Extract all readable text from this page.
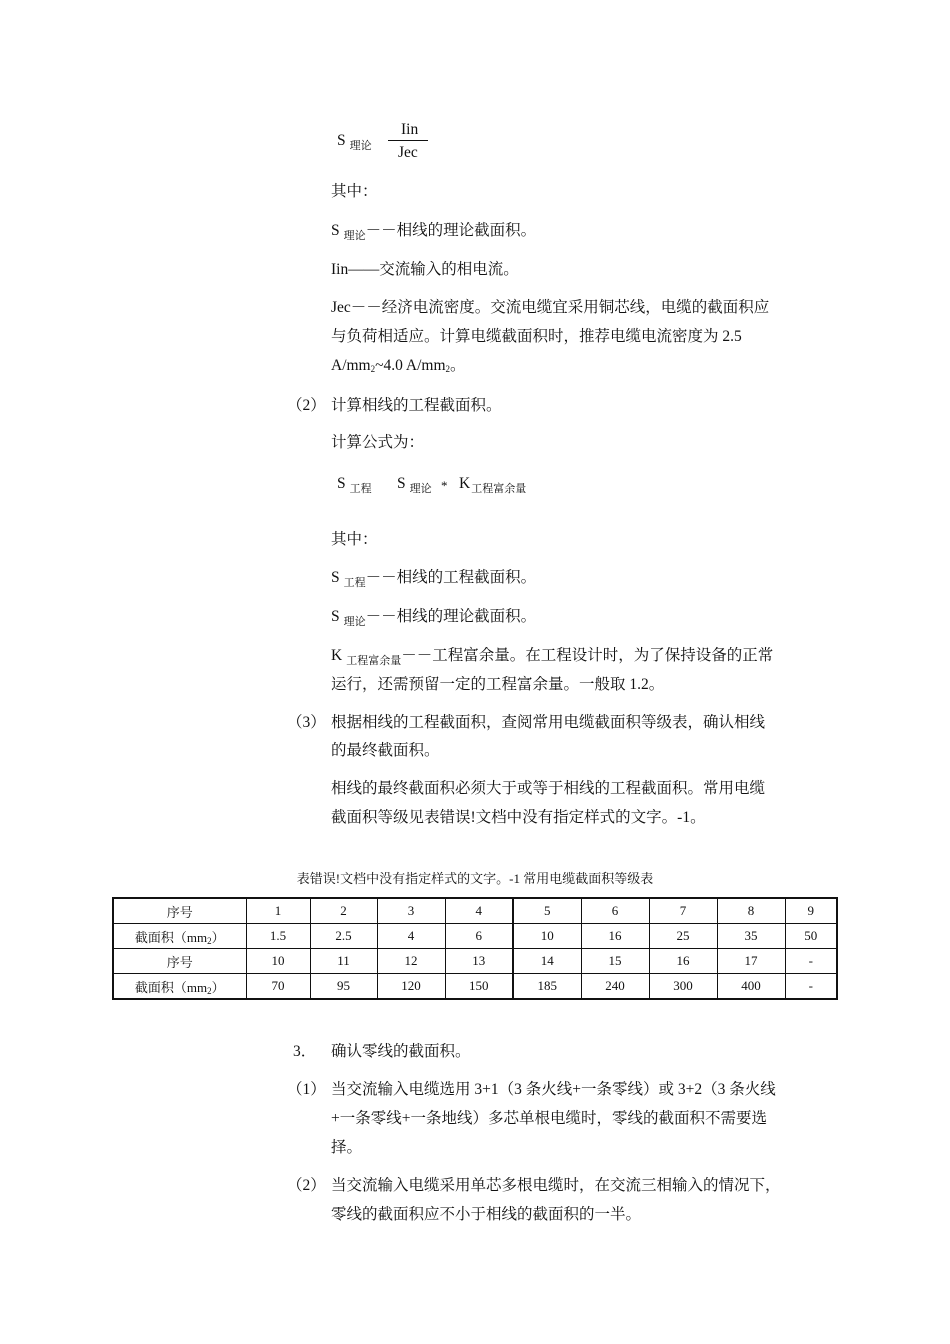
S $_{理论}$
Iin
Jec
其中：
S $_{理论}$－－相线的理论截面积。
Iin——交流输入的相电流。
Jec－－经济电流密度。交流电缆宜采用铜芯线，电缆的截面积应
与负荷相适应。计算电缆截面积时，推荐电缆电流密度为 2.5
A/mm2~4.0 A/mm2。
（2） 计算相线的工程截面积。
计算公式为：
S $_{工程}$ S $_{理论} * K_{工程富余量}$
其中：
S $_{工程}$－－相线的工程截面积。
S $_{理论}$－－相线的理论截面积。
K $_{工程富余量}$－－工程富余量。在工程设计时，为了保持设备的正常
运行，还需预留一定的工程富余量。一般取 1.2。
（3） 根据相线的工程截面积，查阅常用电缆截面积等级表，确认相线
的最终截面积。
相线的最终截面积必须大于或等于相线的工程截面积。常用电缆
截面积等级见表错误!文档中没有指定样式的文字。-1。
表错误!文档中没有指定样式的文字。-1 常用电缆截面积等级表
序号	1	2	3	4	5	6	7	8	9
截面积（mm2）	1.5	2.5	4	6	10	16	25	35	50
序号	10	11	12	13	14	15	16	17	-
截面积（mm2）	70	95	120	150	185	240	300	400	-
3． 确认零线的截面积。
（1） 当交流输入电缆选用 3+1（3 条火线+一条零线）或 3+2（3 条火线
+一条零线+一条地线）多芯单根电缆时，零线的截面积不需要选
择。
（2） 当交流输入电缆采用单芯多根电缆时，在交流三相输入的情况下，
零线的截面积应不小于相线的截面积的一半。
